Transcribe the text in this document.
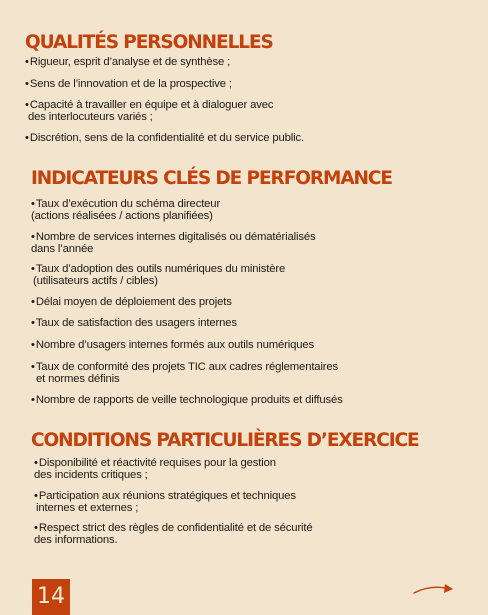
QUALITÉS PERSONNELLES
•Rigueur, esprit d’analyse et de synthèse ;
•Sens de l’innovation et de la prospective ;
•Capacité à travailler en équipe et à dialoguer avec
des interlocuteurs variés ;
•Discrétion, sens de la confidentialité et du service public.
INDICATEURS CLÉS DE PERFORMANCE
•Taux d’exécution du schéma directeur
(actions réalisées / actions planifiées)
•Nombre de services internes digitalisés ou dématérialisés
dans l’année
•Taux d’adoption des outils numériques du ministère
(utilisateurs actifs / cibles)
•Délai moyen de déploiement des projets
•Taux de satisfaction des usagers internes
•Nombre d’usagers internes formés aux outils numériques
•Taux de conformité des projets TIC aux cadres réglementaires
et normes définis
•Nombre de rapports de veille technologique produits et diffusés
CONDITIONS PARTICULIÈRES D’EXERCICE
•Disponibilité et réactivité requises pour la gestion
des incidents critiques ;
•Participation aux réunions stratégiques et techniques
internes et externes ;
•Respect strict des règles de confidentialité et de sécurité
des informations.
14
